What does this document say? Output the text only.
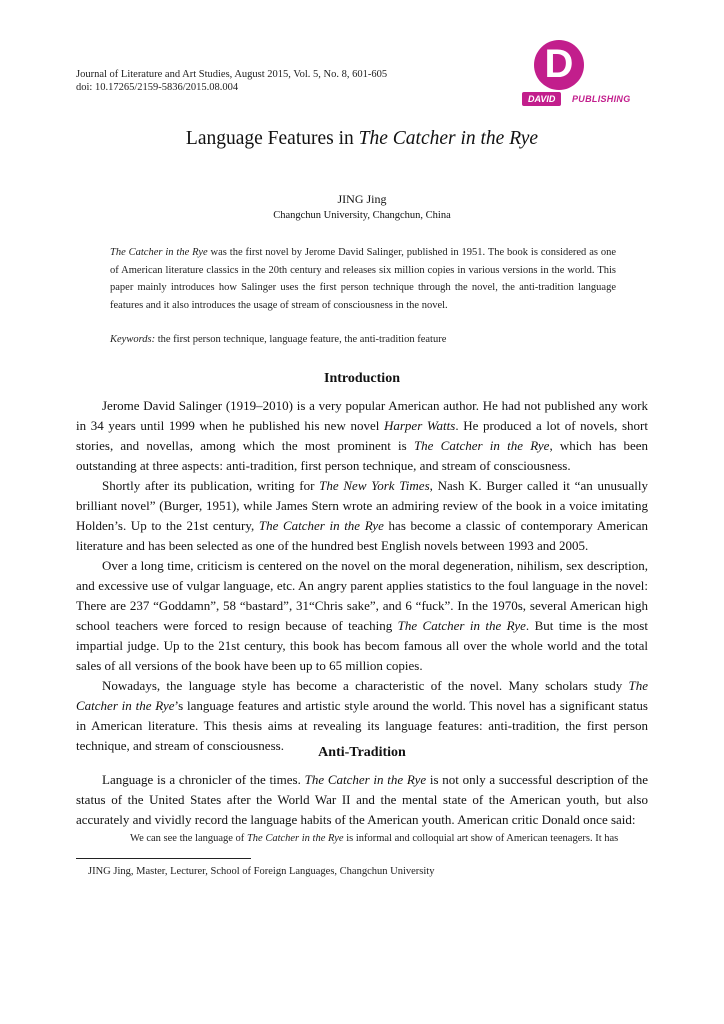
Journal of Literature and Art Studies, August 2015, Vol. 5, No. 8, 601-605
doi: 10.17265/2159-5836/2015.08.004
D
DAVID	PUBLISHING
Language Features in The Catcher in the Rye
JING Jing
Changchun University, Changchun, China
The Catcher in the Rye was the first novel by Jerome David Salinger, published in 1951. The book is considered as one of American literature classics in the 20th century and releases six million copies in various versions in the world. This paper mainly introduces how Salinger uses the first person technique through the novel, the anti-tradition language features and it also introduces the usage of stream of consciousness in the novel.
Keywords: the first person technique, language feature, the anti-tradition feature
Introduction

Jerome David Salinger (1919–2010) is a very popular American author. He had not published any work in 34 years until 1999 when he published his new novel Harper Watts. He produced a lot of novels, short stories, and novellas, among which the most prominent is The Catcher in the Rye, which has been outstanding at three aspects: anti-tradition, first person technique, and stream of consciousness.

Shortly after its publication, writing for The New York Times, Nash K. Burger called it “an unusually brilliant novel” (Burger, 1951), while James Stern wrote an admiring review of the book in a voice imitating Holden’s. Up to the 21st century, The Catcher in the Rye has become a classic of contemporary American literature and has been selected as one of the hundred best English novels between 1993 and 2005.

Over a long time, criticism is centered on the novel on the moral degeneration, nihilism, sex description, and excessive use of vulgar language, etc. An angry parent applies statistics to the foul language in the novel: There are 237 “Goddamn”, 58 “bastard”, 31“Chris sake”, and 6 “fuck”. In the 1970s, several American high school teachers were forced to resign because of teaching The Catcher in the Rye. But time is the most impartial judge. Up to the 21st century, this book has becom famous all over the whole world and the total sales of all versions of the book have been up to 65 million copies.

Nowadays, the language style has become a characteristic of the novel. Many scholars study The Catcher in the Rye’s language features and artistic style around the world. This novel has a significant status in American literature. This thesis aims at revealing its language features: anti-tradition, the first person technique, and stream of consciousness.	Anti-Tradition

Language is a chronicler of the times. The Catcher in the Rye is not only a successful description of the status of the United States after the World War II and the mental state of the American youth, but also accurately and vividly record the language habits of the American youth. American critic Donald once said:

We can see the language of The Catcher in the Rye is informal and colloquial art show of American teenagers. It has
JING Jing, Master, Lecturer, School of Foreign Languages, Changchun University
